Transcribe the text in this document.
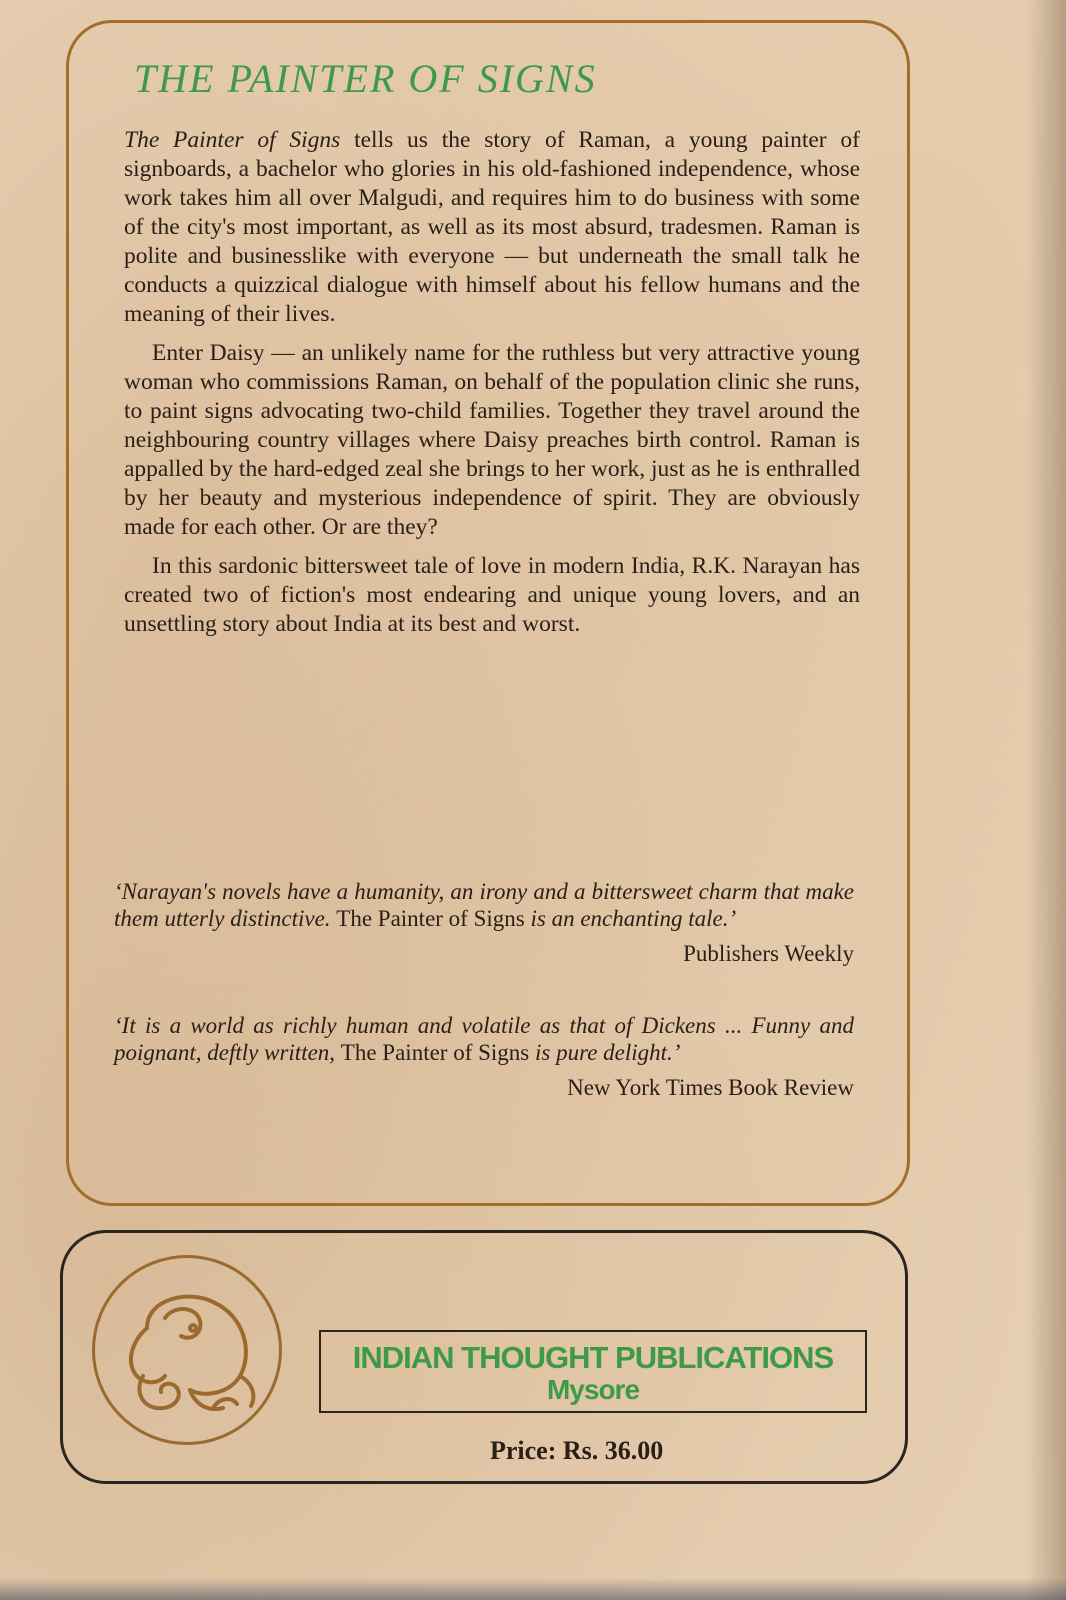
THE PAINTER OF SIGNS

The Painter of Signs tells us the story of Raman, a young painter of signboards, a bachelor who glories in his old-fashioned independence, whose work takes him all over Malgudi, and requires him to do business with some of the city's most important, as well as its most absurd, tradesmen. Raman is polite and businesslike with everyone — but underneath the small talk he conducts a quizzical dialogue with himself about his fellow humans and the meaning of their lives.

Enter Daisy — an unlikely name for the ruthless but very attractive young woman who commissions Raman, on behalf of the population clinic she runs, to paint signs advocating two-child families. Together they travel around the neighbouring country villages where Daisy preaches birth control. Raman is appalled by the hard-edged zeal she brings to her work, just as he is enthralled by her beauty and mysterious independence of spirit. They are obviously made for each other. Or are they?

In this sardonic bittersweet tale of love in modern India, R.K. Narayan has created two of fiction's most endearing and unique young lovers, and an unsettling story about India at its best and worst.

‘Narayan's novels have a humanity, an irony and a bittersweet charm that make them utterly distinctive. The Painter of Signs is an enchanting tale.’

Publishers Weekly

‘It is a world as richly human and volatile as that of Dickens ... Funny and poignant, deftly written, The Painter of Signs is pure delight.’

New York Times Book Review

INDIAN THOUGHT PUBLICATIONS
Mysore
Price: Rs. 36.00
